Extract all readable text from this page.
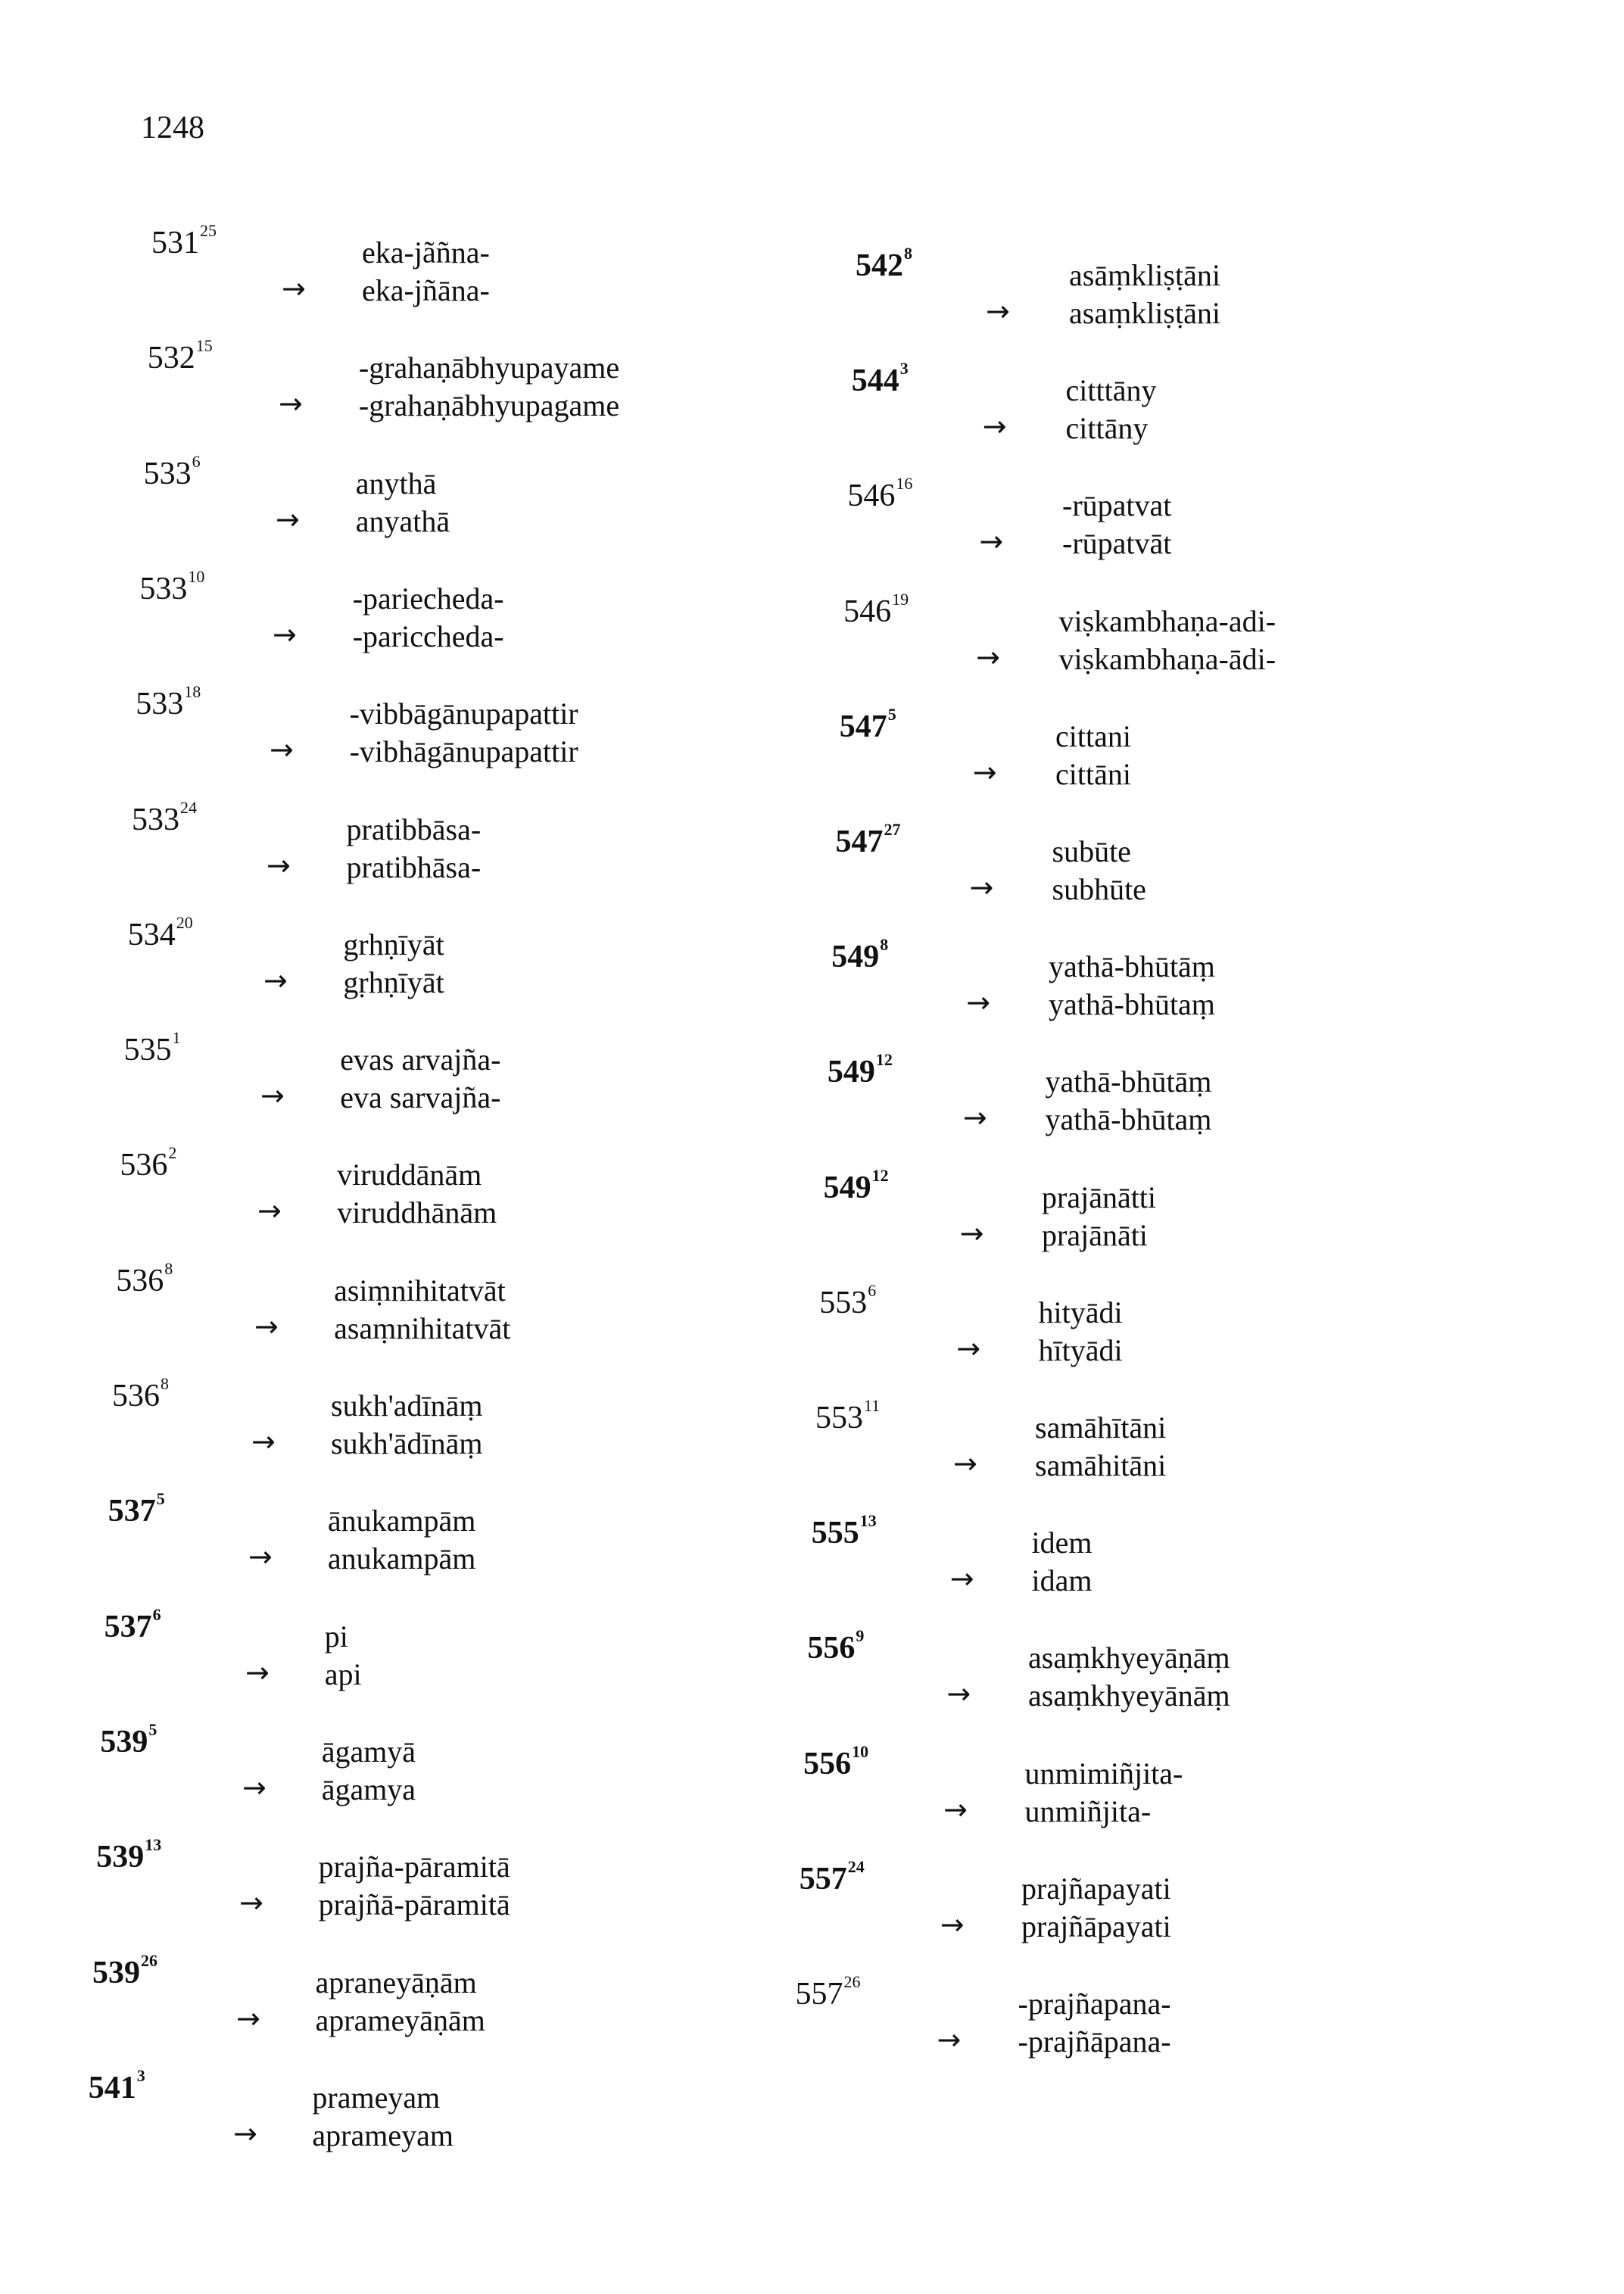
1248
$531^{25}$
eka-jãñna-
→ eka-jñāna-
$532^{15}$
-grahaṇābhyupayame
→ -grahaṇābhyupagame
$533^6$
anythā
→ anyathā
$533^{10}$
-pariecheda-
→ -pariccheda-
$533^{18}$
-vibbāgānupapattir
→ -vibhāgānupapattir
$533^{24}$
pratibbāsa-
→ pratibhāsa-
$534^{20}$
grhṇīyāt
→ gṛhṇīyāt
$535^1$
evas arvajña-
→ eva sarvajña-
$536^2$
viruddānām
→ viruddhānām
$536^8$
asiṃnihitatvāt
→ asaṃnihitatvāt
$536^8$
sukh'adīnāṃ
→ sukh'ādīnāṃ
$537^5$
ānukampām
→ anukampām
$537^6$
pi
→ api
$539^5$
āgamyā
→ āgamya
$539^{13}$
prajña-pāramitā
→ prajñā-pāramitā
$539^{26}$
apraneyāṇām
→ aprameyāṇām
$541^3$
prameyam
→ aprameyam
$542^8$
asāṃkliṣṭāni
→ asaṃkliṣṭāni
$544^3$
citttāny
→ cittāny
$546^{16}$
-rūpatvat
→ -rūpatvāt
$546^{19}$
viṣkambhaṇa-adi-
→ viṣkambhaṇa-ādi-
$547^5$
cittani
→ cittāni
$547^{27}$
subūte
→ subhūte
$549^8$
yathā-bhūtāṃ
→ yathā-bhūtaṃ
$549^{12}$
yathā-bhūtāṃ
→ yathā-bhūtaṃ
$549^{12}$
prajānātti
→ prajānāti
$553^6$
hityādi
→ hītyādi
$553^{11}$
samāhītāni
→ samāhitāni
$555^{13}$
idem
→ idam
$556^9$
asaṃkhyeyāṇāṃ
→ asaṃkhyeyānāṃ
$556^{10}$
unmimiñjita-
→ unmiñjita-
$557^{24}$
prajñapayati
→ prajñāpayati
$557^{26}$
-prajñapana-
→ -prajñāpana-
